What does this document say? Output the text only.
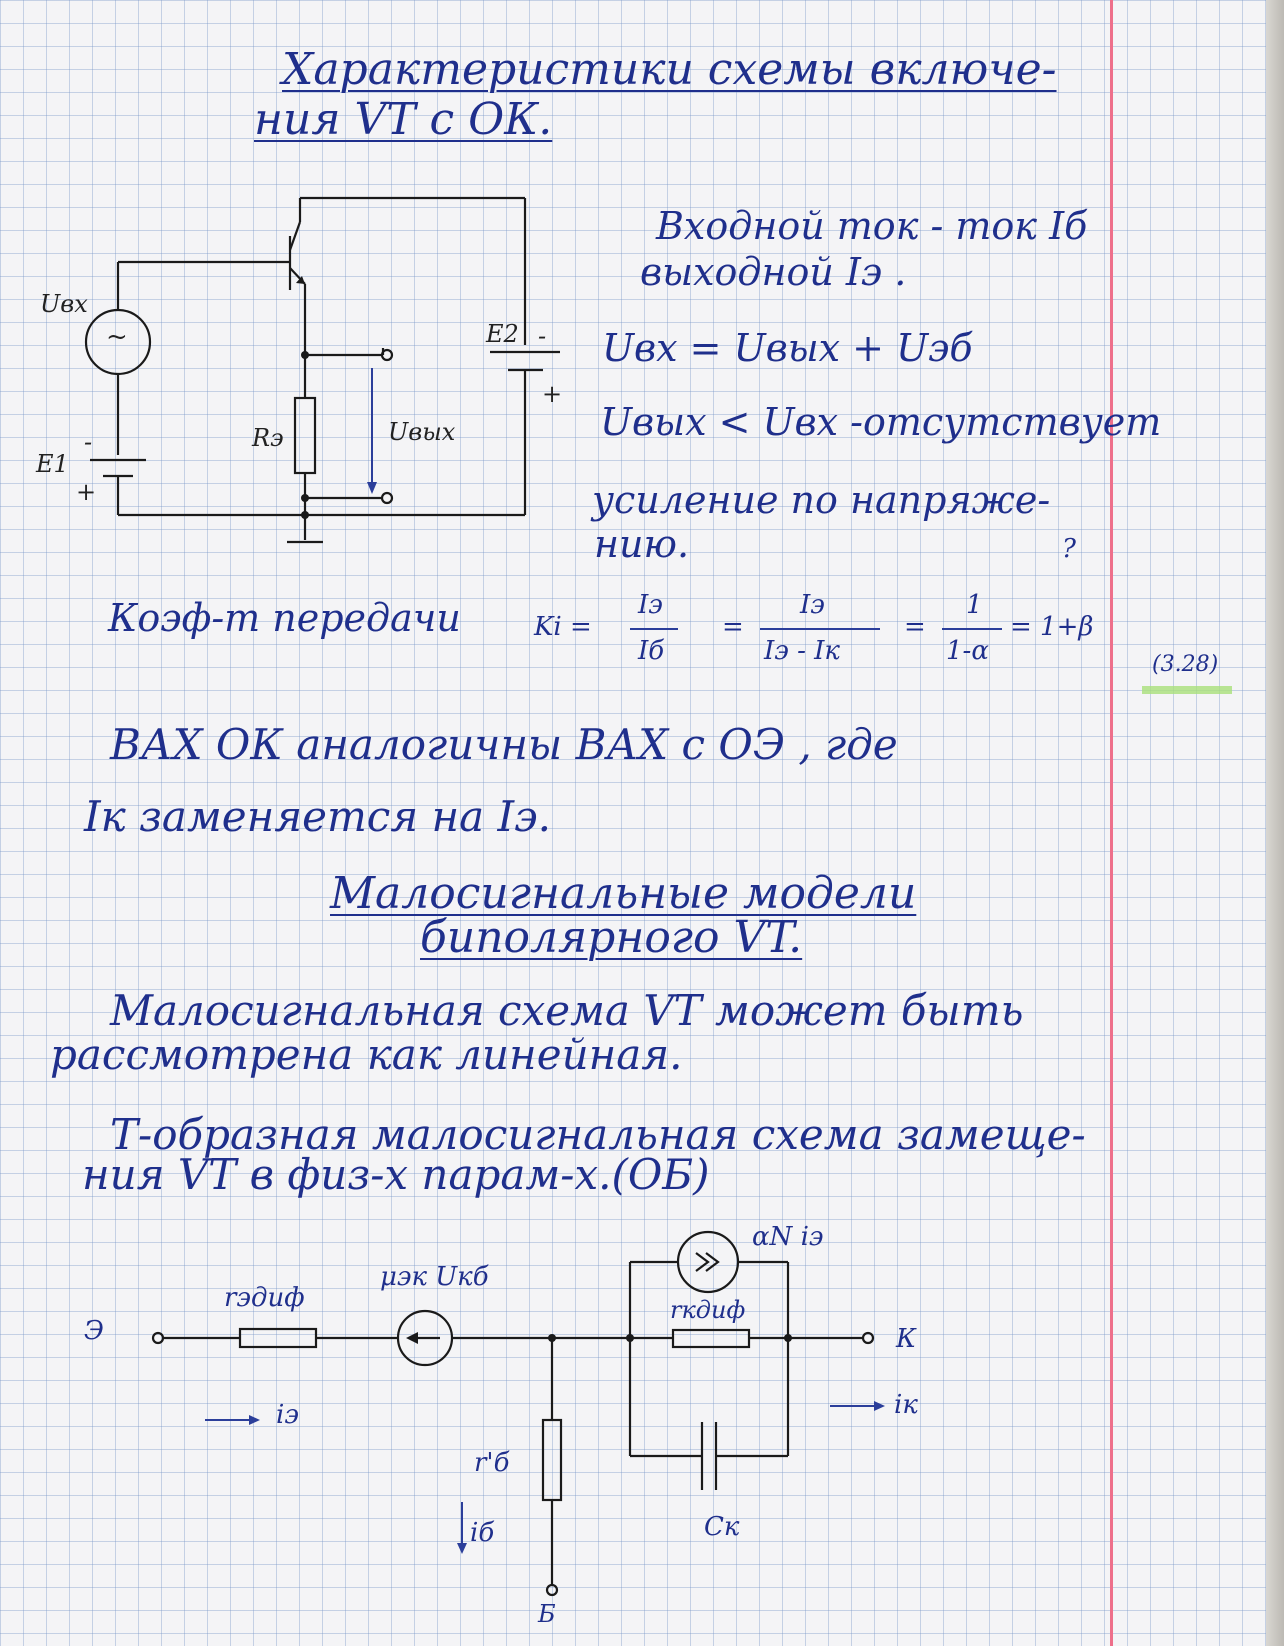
Характеристики схемы включе-
ния VT с ОК.
Uвх
~
E1
-
+
E2 -
+
Rэ	Uвых
Входной ток - ток Iб
выходной Iэ .
Uвх = Uвых + Uэб
Uвых < Uвх -отсутствует
усиление по напряже-
нию.	?
Коэф-т передачи	Ki =
Iэ
Iб
=
Iэ
Iэ - Iк
=
1
1-α
= 1+β
(3.28)
ВАХ ОК аналогичны ВАХ с ОЭ , где
Iк заменяется на Iэ.
Малосигнальные модели
биполярного VT.
Малосигнальная схема VT может быть
рассмотрена как линейная.
Т-образная малосигнальная схема замеще-
ния VT в физ-х парам-х.(ОБ)
Э	К
Б
rэдиф
μэк Uкб
αN iэ
rкдиф
r'б
Cк
iэ	iк
iб
